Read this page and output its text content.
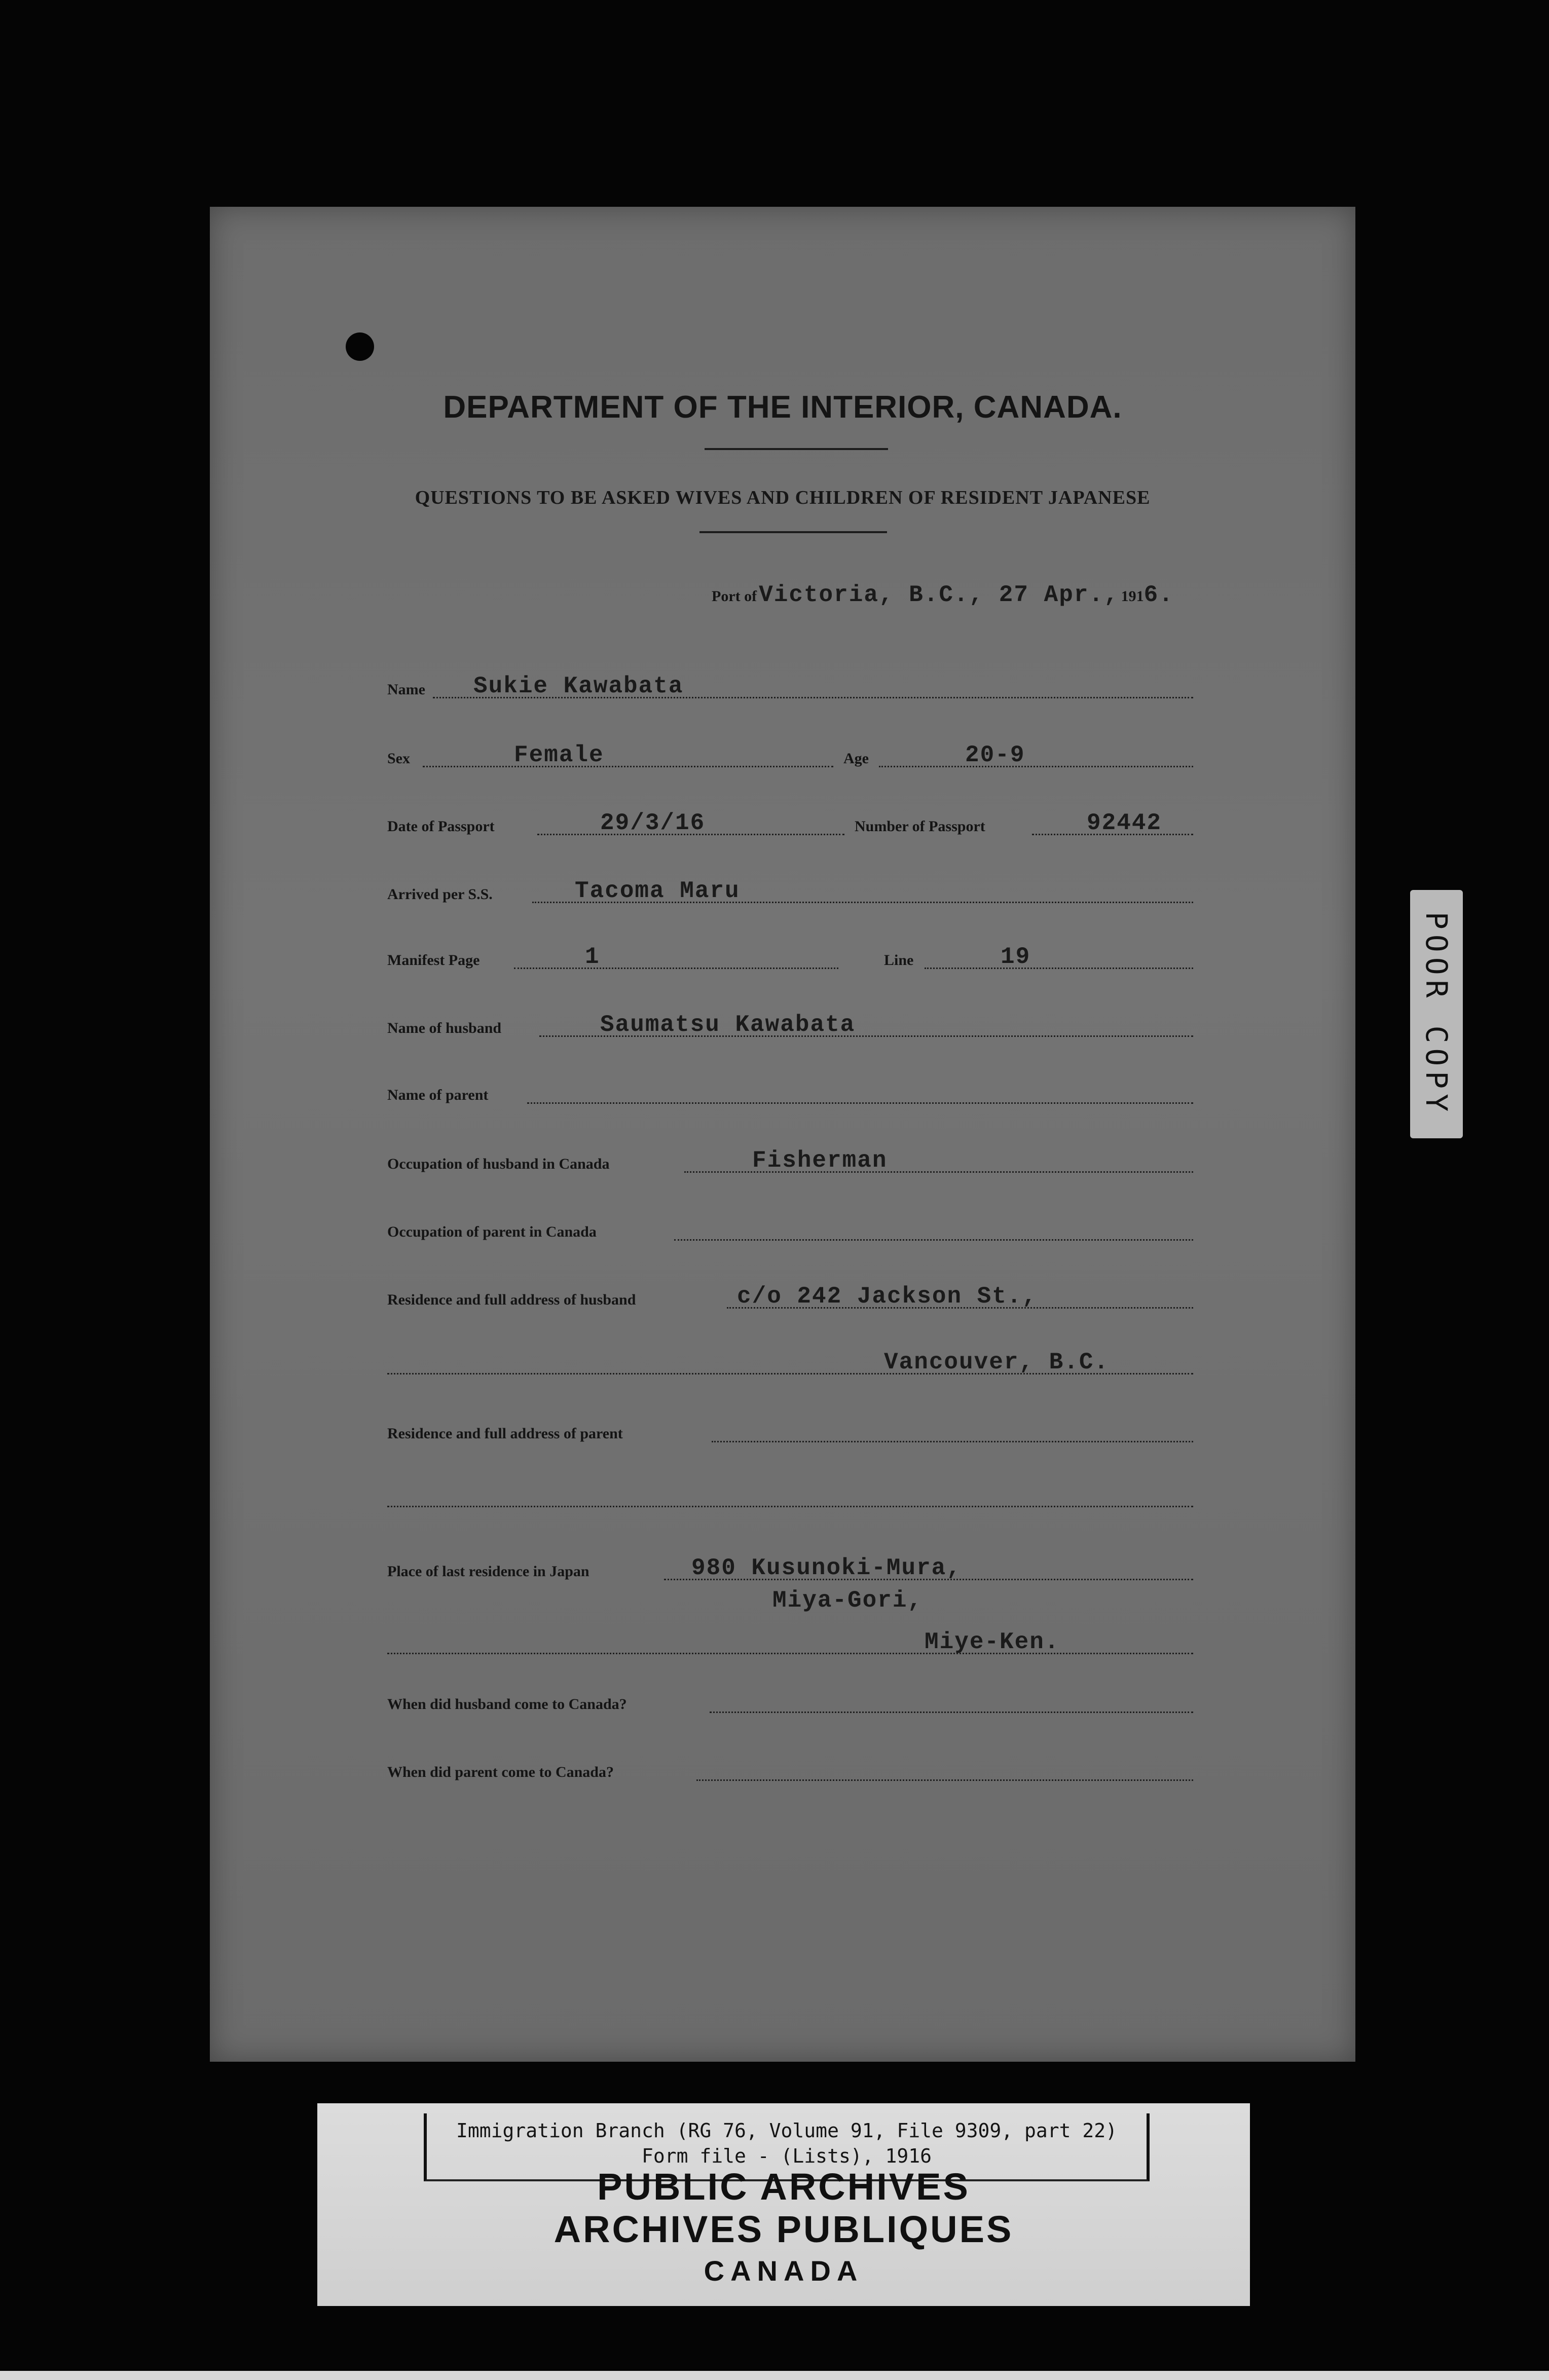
DEPARTMENT OF THE INTERIOR, CANADA.
QUESTIONS TO BE ASKED WIVES AND CHILDREN OF RESIDENT JAPANESE
Port of Victoria, B.C., 27 Apr., 1916.
Name Sukie Kawabata
Sex	Female	Age	20-9
Date of Passport	29/3/16	Number of Passport	92442
Arrived per S.S.	Tacoma Maru
Manifest Page	1	Line	19
Name of husband	Saumatsu Kawabata
Name of parent
Occupation of husband in Canada	Fisherman
Occupation of parent in Canada
Residence and full address of husband	c/o 242 Jackson St.,
Vancouver, B.C.
Residence and full address of parent
Place of last residence in Japan	980 Kusunoki-Mura,
Miya-Gori,
Miye-Ken.
When did husband come to Canada?
When did parent come to Canada?
POOR COPY
Immigration Branch (RG 76, Volume 91, File 9309, part 22)
Form file - (Lists), 1916
PUBLIC ARCHIVES
ARCHIVES PUBLIQUES
CANADA
